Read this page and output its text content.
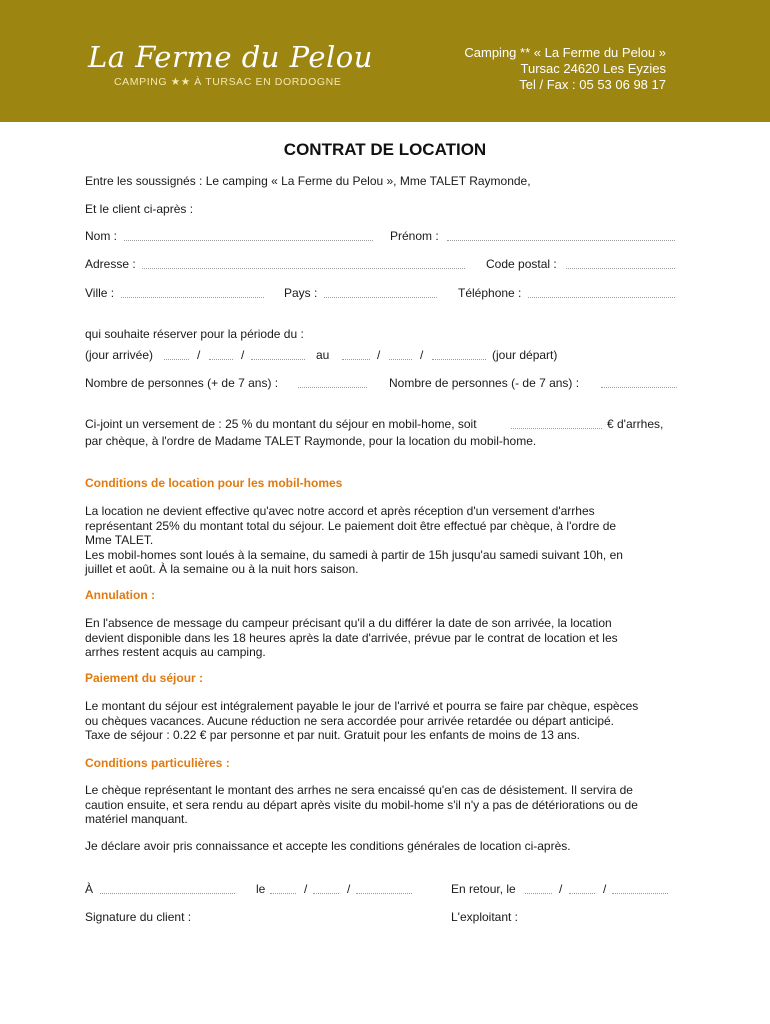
La Ferme du Pelou
CAMPING ★★ À TURSAC EN DORDOGNE
Camping ** « La Ferme du Pelou »
Tursac 24620 Les Eyzies
Tel / Fax : 05 53 06 98 17
CONTRAT DE LOCATION
Entre les soussignés : Le camping « La Ferme du Pelou », Mme TALET Raymonde,
Et le client ci-après :
Nom :	Prénom :
Adresse :	Code postal :
Ville :	Pays :	Téléphone :
qui souhaite réserver pour la période du :
(jour arrivée)	/	/	au	/	/	(jour départ)
Nombre de personnes (+ de 7 ans) :	Nombre de personnes (- de 7 ans) :
Ci-joint un versement de : 25 % du montant du séjour en mobil-home, soit	€ d'arrhes,
par chèque, à l'ordre de Madame TALET Raymonde, pour la location du mobil-home.
Conditions de location pour les mobil-homes
La location ne devient effective qu'avec notre accord et après réception d'un versement d'arrhes
représentant 25% du montant total du séjour. Le paiement doit être effectué par chèque, à l'ordre de
Mme TALET.
Les mobil-homes sont loués à la semaine, du samedi à partir de 15h jusqu'au samedi suivant 10h, en
juillet et août. À la semaine ou à la nuit hors saison.
Annulation :
En l'absence de message du campeur précisant qu'il a du différer la date de son arrivée, la location
devient disponible dans les 18 heures après la date d'arrivée, prévue par le contrat de location et les
arrhes restent acquis au camping.
Paiement du séjour :
Le montant du séjour est intégralement payable le jour de l'arrivé et pourra se faire par chèque, espèces
ou chèques vacances. Aucune réduction ne sera accordée pour arrivée retardée ou départ anticipé.
Taxe de séjour : 0.22 € par personne et par nuit. Gratuit pour les enfants de moins de 13 ans.
Conditions particulières :
Le chèque représentant le montant des arrhes ne sera encaissé qu'en cas de désistement. Il servira de
caution ensuite, et sera rendu au départ après visite du mobil-home s'il n'y a pas de détériorations ou de
matériel manquant.
Je déclare avoir pris connaissance et accepte les conditions générales de location ci-après.
À	le	/	/	En retour, le	/	/
Signature du client :	L'exploitant :
